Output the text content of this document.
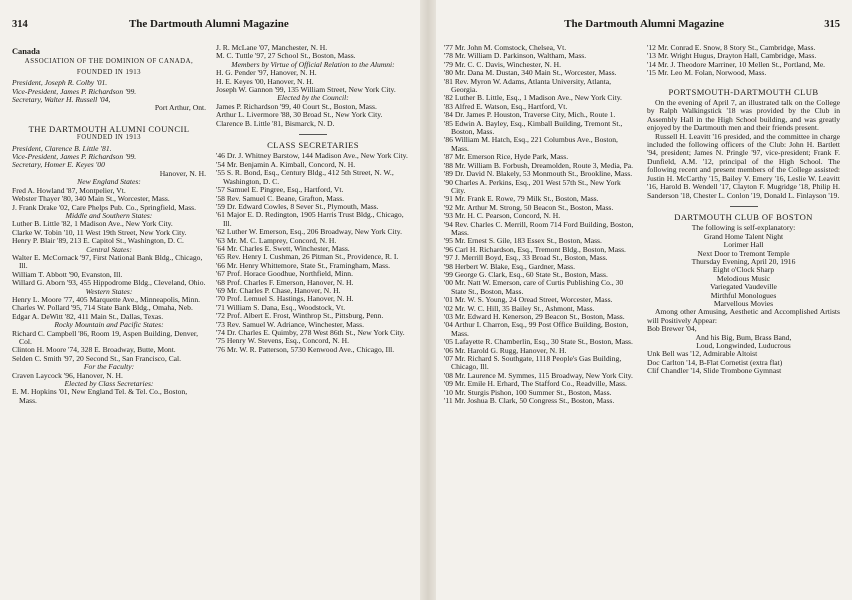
314	The Dartmouth Alumni Magazine
Canada
ASSOCIATION OF THE DOMINION OF CANADA,
FOUNDED IN 1913

President, Joseph R. Colby '01.

Vice-President, James P. Richardson '99.

Secretary, Walter H. Russell '04,

Port Arthur, Ont.

THE DARTMOUTH ALUMNI COUNCIL
FOUNDED IN 1913

President, Clarence B. Little '81.

Vice-President, James P. Richardson '99.

Secretary, Homer E. Keyes '00

Hanover, N. H.

New England States:

Fred A. Howland '87, Montpelier, Vt.

Webster Thayer '80, 340 Main St., Worcester, Mass.

J. Frank Drake '02, Care Phelps Pub. Co., Springfield, Mass.

Middle and Southern States:

Luther B. Little '82, 1 Madison Ave., New York City.

Clarke W. Tobin '10, 11 West 19th Street, New York City.

Henry P. Blair '89, 213 E. Capitol St., Washington, D. C.

Central States:

Walter E. McCornack '97, First National Bank Bldg., Chicago, Ill.

William T. Abbott '90, Evanston, Ill.

Willard G. Aborn '93, 455 Hippodrome Bldg., Cleveland, Ohio.

Western States:

Henry L. Moore '77, 405 Marquette Ave., Minneapolis, Minn.

Charles W. Pollard '95, 714 State Bank Bldg., Omaha, Neb.

Edgar A. DeWitt '82, 411 Main St., Dallas, Texas.

Rocky Mountain and Pacific States:

Richard C. Campbell '86, Room 19, Aspen Building, Denver, Col.

Clinton H. Moore '74, 328 E. Broadway, Butte, Mont.

Selden C. Smith '97, 20 Second St., San Francisco, Cal.

For the Faculty:

Craven Laycock '96, Hanover, N. H.

Elected by Class Secretaries:

E. M. Hopkins '01, New England Tel. & Tel. Co., Boston, Mass.

J. R. McLane '07, Manchester, N. H.

M. C. Tuttle '97, 27 School St., Boston, Mass.

Members by Virtue of Official Relation to the Alumni:

H. G. Pender '97, Hanover, N. H.

H. E. Keyes '00, Hanover, N. H.

Joseph W. Gannon '99, 135 William Street, New York City.

Elected by the Council:

James P. Richardson '99, 40 Court St., Boston, Mass.

Arthur L. Livermore '88, 30 Broad St., New York City.

Clarence B. Little '81, Bismarck, N. D.

CLASS SECRETARIES

'46 Dr. J. Whitney Barstow, 144 Madison Ave., New York City.

'54 Mr. Benjamin A. Kimball, Concord, N. H.

'55 S. R. Bond, Esq., Century Bldg., 412 5th Street, N. W., Washington, D. C.

'57 Samuel E. Pingree, Esq., Hartford, Vt.

'58 Rev. Samuel C. Beane, Grafton, Mass.

'59 Dr. Edward Cowles, 8 Sever St., Plymouth, Mass.

'61 Major E. D. Redington, 1905 Harris Trust Bldg., Chicago, Ill.

'62 Luther W. Emerson, Esq., 206 Broadway, New York City.

'63 Mr. M. C. Lamprey, Concord, N. H.

'64 Mr. Charles E. Swett, Winchester, Mass.

'65 Rev. Henry I. Cushman, 26 Pitman St., Providence, R. I.

'66 Mr. Henry Whittemore, State St., Framingham, Mass.

'67 Prof. Horace Goodhue, Northfield, Minn.

'68 Prof. Charles F. Emerson, Hanover, N. H.

'69 Mr. Charles P. Chase, Hanover, N. H.

'70 Prof. Lemuel S. Hastings, Hanover, N. H.

'71 William S. Dana, Esq., Woodstock, Vt.

'72 Prof. Albert E. Frost, Winthrop St., Pittsburg, Penn.

'73 Rev. Samuel W. Adriance, Winchester, Mass.

'74 Dr. Charles E. Quimby, 278 West 86th St., New York City.

'75 Henry W. Stevens, Esq., Concord, N. H.

'76 Mr. W. R. Patterson, 5730 Kenwood Ave., Chicago, Ill.

The Dartmouth Alumni Magazine	315

'77 Mr. John M. Comstock, Chelsea, Vt.

'78 Mr. William D. Parkinson, Waltham, Mass.

'79 Mr. C. C. Davis, Winchester, N. H.

'80 Mr. Dana M. Dustan, 340 Main St., Worcester, Mass.

'81 Rev. Myron W. Adams, Atlanta University, Atlanta, Georgia.

'82 Luther B. Little, Esq., 1 Madison Ave., New York City.

'83 Alfred E. Watson, Esq., Hartford, Vt.

'84 Dr. James P. Houston, Traverse City, Mich., Route 1.

'85 Edwin A. Bayley, Esq., Kimball Building, Tremont St., Boston, Mass.

'86 William M. Hatch, Esq., 221 Columbus Ave., Boston, Mass.

'87 Mr. Emerson Rice, Hyde Park, Mass.

'88 Mr. William B. Forbush, Dreamolden, Route 3, Media, Pa.

'89 Dr. David N. Blakely, 53 Monmouth St., Brookline, Mass.

'90 Charles A. Perkins, Esq., 201 West 57th St., New York City.

'91 Mr. Frank E. Rowe, 79 Milk St., Boston, Mass.

'92 Mr. Arthur M. Strong, 50 Beacon St., Boston, Mass.

'93 Mr. H. C. Pearson, Concord, N. H.

'94 Rev. Charles C. Merrill, Room 714 Ford Building, Boston, Mass.

'95 Mr. Ernest S. Gile, 183 Essex St., Boston, Mass.

'96 Carl H. Richardson, Esq., Tremont Bldg., Boston, Mass.

'97 J. Merrill Boyd, Esq., 33 Broad St., Boston, Mass.

'98 Herbert W. Blake, Esq., Gardner, Mass.

'99 George G. Clark, Esq., 60 State St., Boston, Mass.

'00 Mr. Natt W. Emerson, care of Curtis Publishing Co., 30 State St., Boston, Mass.

'01 Mr. W. S. Young, 24 Oread Street, Worcester, Mass.

'02 Mr. W. C. Hill, 35 Bailey St., Ashmont, Mass.

'03 Mr. Edward H. Kenerson, 29 Beacon St., Boston, Mass.

'04 Arthur I. Charron, Esq., 99 Post Office Building, Boston, Mass.

'05 Lafayette R. Chamberlin, Esq., 30 State St., Boston, Mass.

'06 Mr. Harold G. Rugg, Hanover, N. H.

'07 Mr. Richard S. Southgate, 1118 People's Gas Building, Chicago, Ill.

'08 Mr. Laurence M. Symmes, 115 Broadway, New York City.

'09 Mr. Emile H. Erhard, The Stafford Co., Readville, Mass.

'10 Mr. Sturgis Pishon, 100 Summer St., Boston, Mass.

'11 Mr. Joshua B. Clark, 50 Congress St., Boston, Mass.

'12 Mr. Conrad E. Snow, 8 Story St., Cambridge, Mass.

'13 Mr. Wright Hugus, Drayton Hall, Cambridge, Mass.

'14 Mr. J. Theodore Marriner, 10 Mellen St., Portland, Me.

'15 Mr. Leo M. Folan, Norwood, Mass.

PORTSMOUTH-DARTMOUTH CLUB

On the evening of April 7, an illustrated talk on the College by Ralph Walkingstick '18 was provided by the Club in Assembly Hall in the High School building, and was greatly enjoyed by the Dartmouth men and their friends present.

Russell H. Leavitt '16 presided, and the committee in charge included the following officers of the Club: John H. Bartlett '94, president; James N. Pringle '97, vice-president; Frank F. Dunfield, A.M. '12, principal of the High School. The following recent and present members of the College assisted: Justin H. McCarthy '15, Bailey V. Emery '16, Leslie W. Leavitt '16, Harold B. Wendell '17, Clayton F. Mugridge '18, Philip H. Sanderson '18, Chester L. Conlon '19, Donald L. Finlayson '19.

DARTMOUTH CLUB OF BOSTON

The following is self-explanatory:

Grand Home Talent Night

Lorimer Hall

Next Door to Tremont Temple

Thursday Evening, April 20, 1916

Eight o'Clock Sharp

Melodious Music

Variegated Vaudeville

Mirthful Monologues

Marvellous Movies

Among other Amusing, Aesthetic and Accomplished Artists will Positively Appear:

Bob Brewer '04,

And his Big, Bum, Brass Band,

Loud, Longwinded, Luducrous

Unk Bell was '12, Admirable Altoist

Doc Carlton '14, B-Flat Cornetist (extra flat)

Clif Chandler '14, Slide Trombone Gymnast
